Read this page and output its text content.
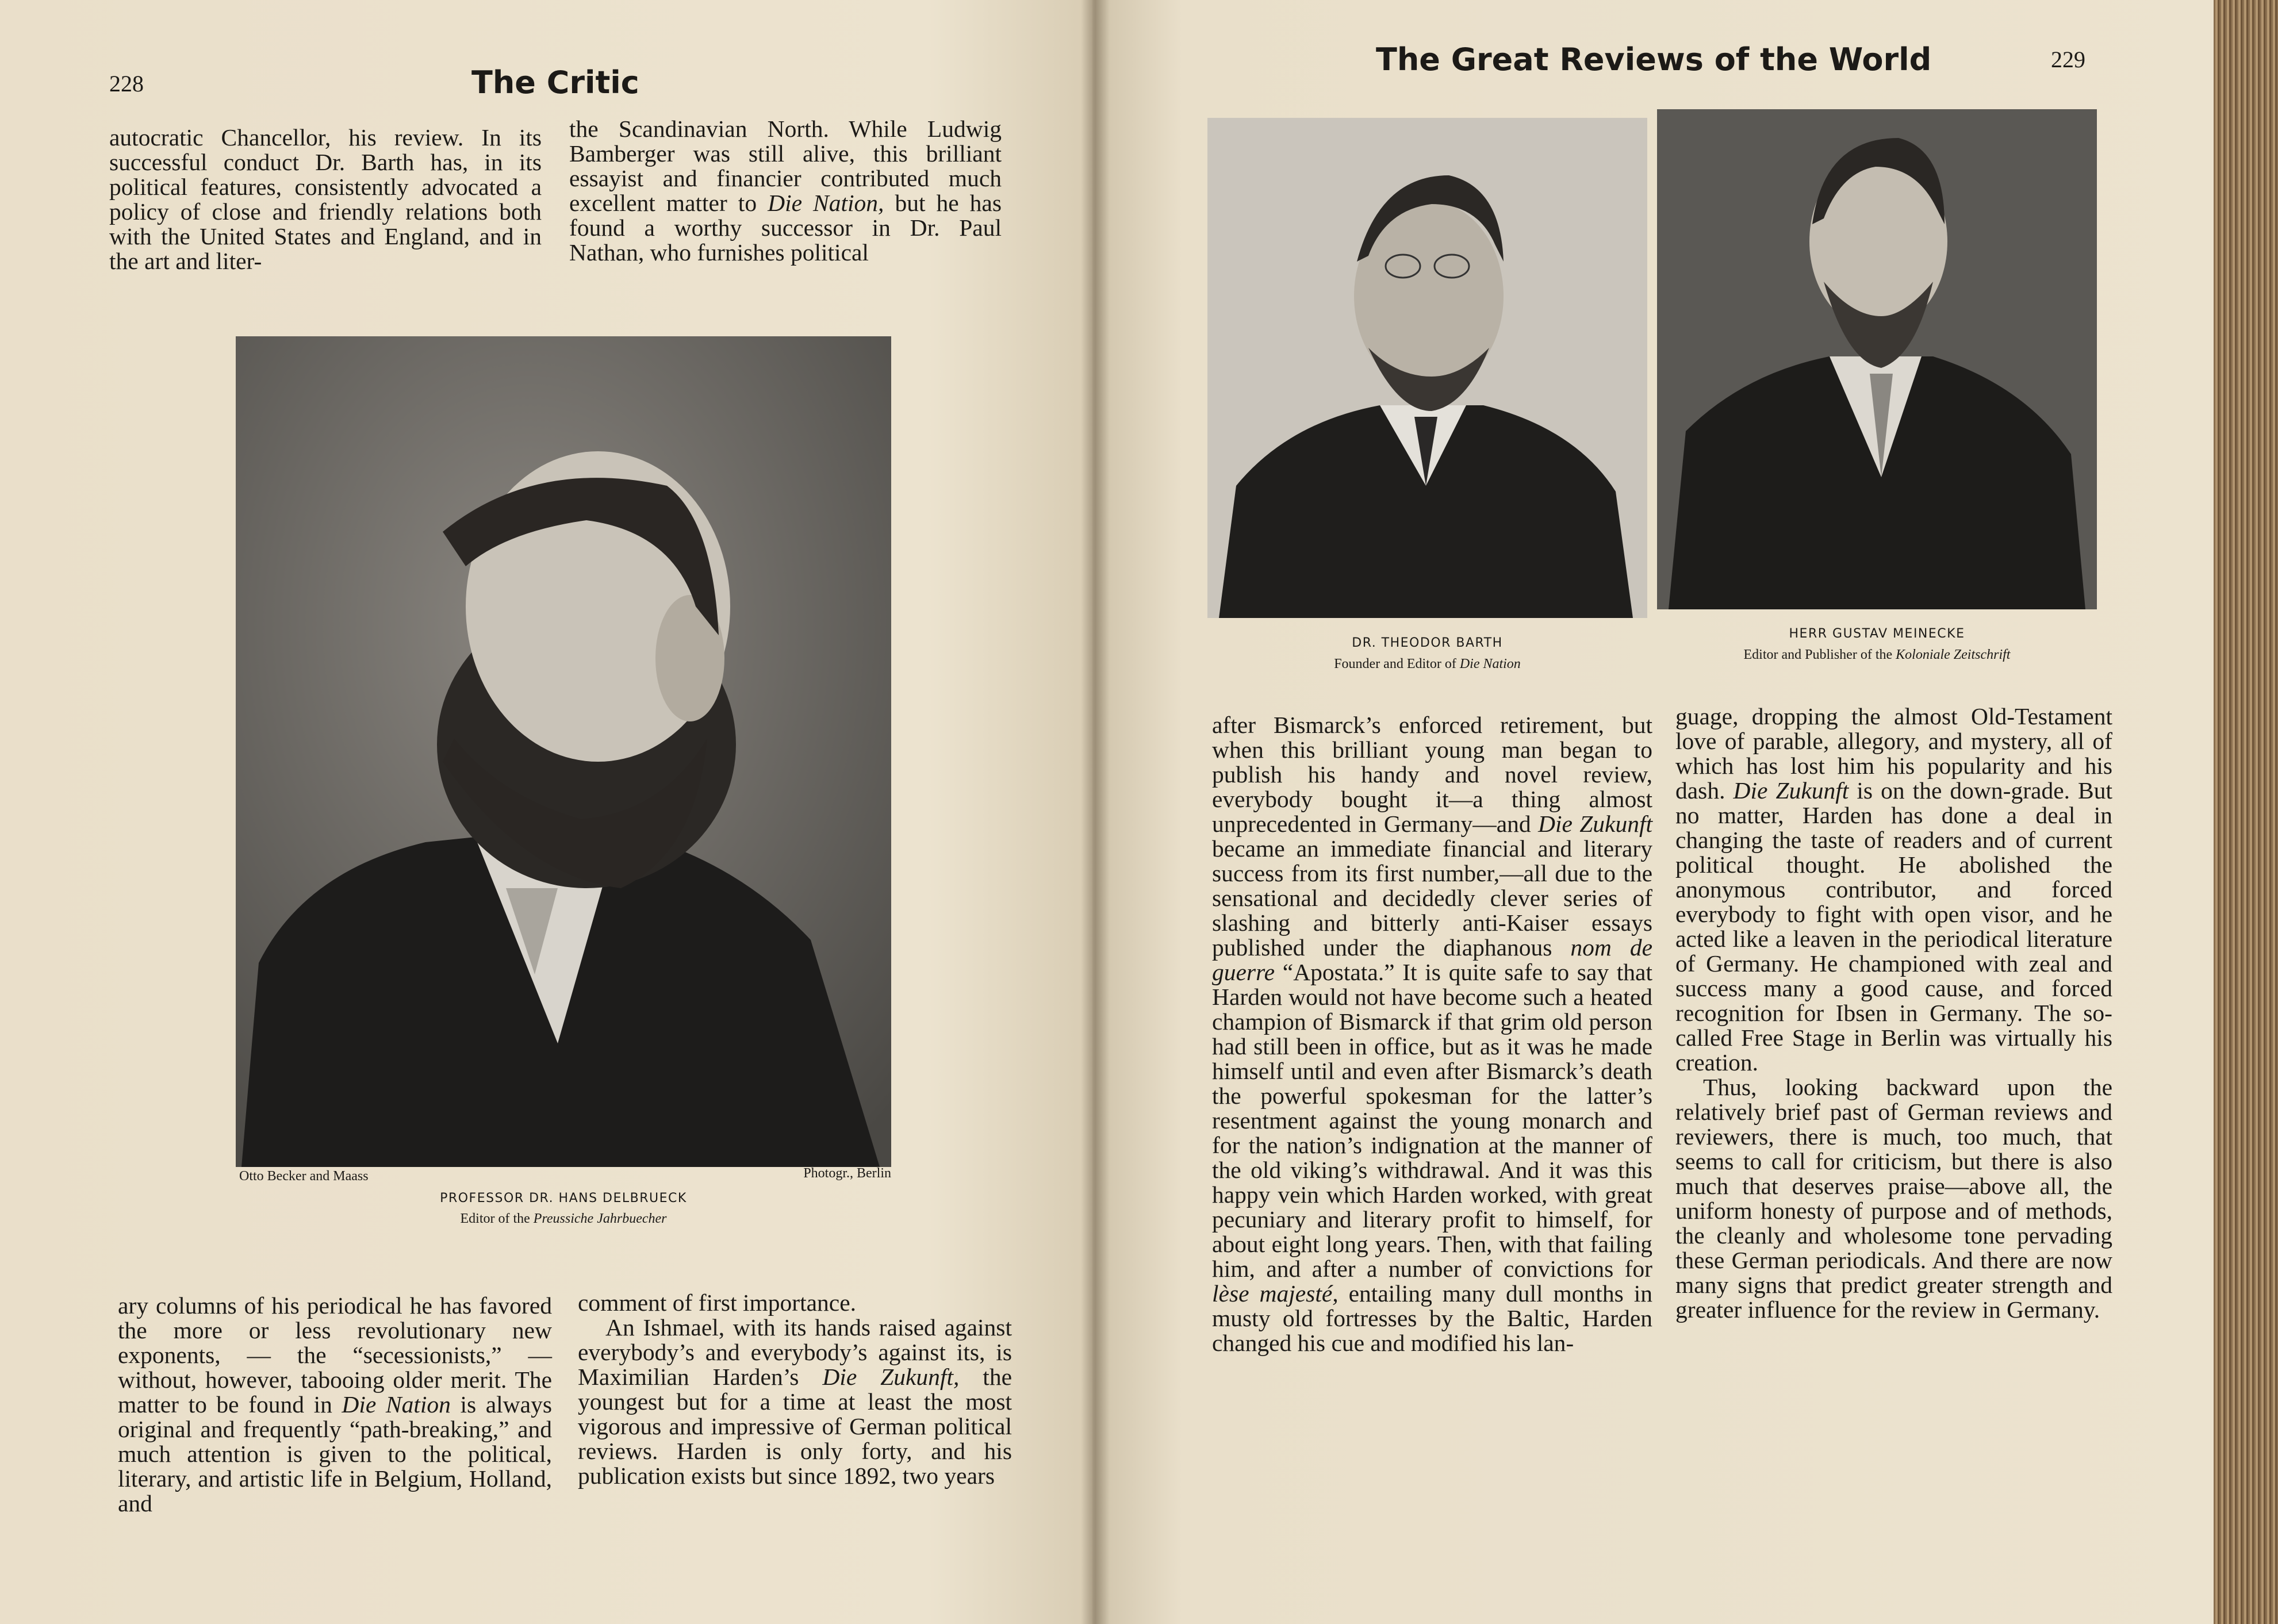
228	The Critic

autocratic Chancellor, his review. In its successful conduct Dr. Barth has, in its political features, consistently advocated a policy of close and friendly relations both with the United States and England, and in the art and liter-

the Scandinavian North. While Ludwig Bamberger was still alive, this brilliant essayist and financier contributed much excellent matter to Die Nation, but he has found a worthy successor in Dr. Paul Nathan, who furnishes political

Otto Becker and Maass	Photogr., Berlin
PROFESSOR DR. HANS DELBRUECK
Editor of the Preussiche Jahrbuecher

ary columns of his periodical he has favored the more or less revolutionary new exponents, — the “secessionists,” — without, however, tabooing older merit. The matter to be found in Die Nation is always original and frequently “path-breaking,” and much attention is given to the political, literary, and artistic life in Belgium, Holland, and

comment of first importance.

An Ishmael, with its hands raised against everybody’s and everybody’s against its, is Maximilian Harden’s Die Zukunft, the youngest but for a time at least the most vigorous and impressive of German political reviews. Harden is only forty, and his publication exists but since 1892, two years

The Great Reviews of the World	229
DR. THEODOR BARTH
Founder and Editor of Die Nation
HERR GUSTAV MEINECKE
Editor and Publisher of the Koloniale Zeitschrift

after Bismarck’s enforced retirement, but when this brilliant young man began to publish his handy and novel review, everybody bought it—a thing almost unprecedented in Germany—and Die Zukunft became an immediate financial and literary success from its first number,—all due to the sensational and decidedly clever series of slashing and bitterly anti-Kaiser essays published under the diaphanous nom de guerre “Apostata.” It is quite safe to say that Harden would not have become such a heated champion of Bismarck if that grim old person had still been in office, but as it was he made himself until and even after Bismarck’s death the powerful spokesman for the latter’s resentment against the young monarch and for the nation’s indignation at the manner of the old viking’s withdrawal. And it was this happy vein which Harden worked, with great pecuniary and literary profit to himself, for about eight long years. Then, with that failing him, and after a number of convictions for lèse majesté, entailing many dull months in musty old fortresses by the Baltic, Harden changed his cue and modified his lan-

guage, dropping the almost Old-Testament love of parable, allegory, and mystery, all of which has lost him his popularity and his dash. Die Zukunft is on the down-grade. But no matter, Harden has done a deal in changing the taste of readers and of current political thought. He abolished the anonymous contributor, and forced everybody to fight with open visor, and he acted like a leaven in the periodical literature of Germany. He championed with zeal and success many a good cause, and forced recognition for Ibsen in Germany. The so-called Free Stage in Berlin was virtually his creation.

Thus, looking backward upon the relatively brief past of German reviews and reviewers, there is much, too much, that seems to call for criticism, but there is also much that deserves praise—above all, the uniform honesty of purpose and of methods, the cleanly and wholesome tone pervading these German periodicals. And there are now many signs that predict greater strength and greater influence for the review in Germany.
